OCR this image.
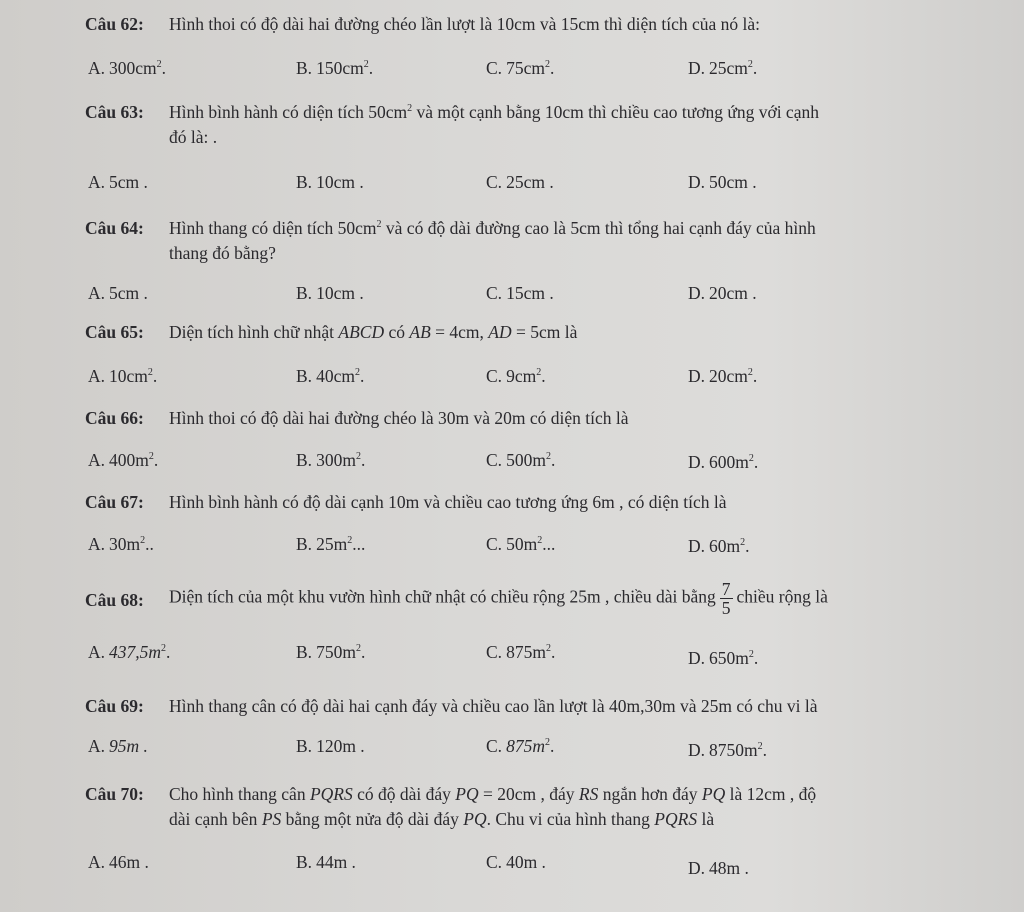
Câu 62: Hình thoi có độ dài hai đường chéo lần lượt là 10cm và 15cm thì diện tích của nó là:
A. $300cm^2$.	B. $150cm^2$.	C. $75cm^2$.	D. $25cm^2$.
Câu 63: Hình bình hành có diện tích $50cm^2$ và một cạnh bằng 10cm thì chiều cao tương ứng với cạnh
đó là: .
A. 5cm .	B. 10cm .	C. 25cm .	D. 50cm .
Câu 64: Hình thang có diện tích $50cm^2$ và có độ dài đường cao là 5cm thì tổng hai cạnh đáy của hình
thang đó bằng?
A. 5cm .	B. 10cm .	C. 15cm .	D. 20cm .
Câu 65: Diện tích hình chữ nhật ABCD có AB = 4cm, AD = 5cm là
A. $10cm^2$.	B. $40cm^2$.	C. $9cm^2$.	D. $20cm^2$.
Câu 66: Hình thoi có độ dài hai đường chéo là 30m và 20m có diện tích là
A. $400m^2$.	B. $300m^2$.	C. $500m^2$.	D. $600m^2$.
Câu 67: Hình bình hành có độ dài cạnh 10m và chiều cao tương ứng 6m , có diện tích là
A. $30m^2$..	B. $25m^2$...	C. $50m^2$...	D. $60m^2$.
Câu 68: Diện tích của một khu vườn hình chữ nhật có chiều rộng 25m , chiều dài bằng $\frac{7}{5}$ chiều rộng là
A. $437,5m^2$.	B. $750m^2$.	C. $875m^2$.	D. $650m^2$.
Câu 69: Hình thang cân có độ dài hai cạnh đáy và chiều cao lần lượt là 40m,30m và 25m có chu vi là
A. 95m .	B. 120m .	C. $875m^2$.	D. $8750m^2$.
Câu 70: Cho hình thang cân PQRS có độ dài đáy PQ = 20cm , đáy RS ngắn hơn đáy PQ là 12cm , độ
dài cạnh bên PS bằng một nửa độ dài đáy PQ. Chu vi của hình thang PQRS là
A. 46m .	B. 44m .	C. 40m .	D. 48m .
